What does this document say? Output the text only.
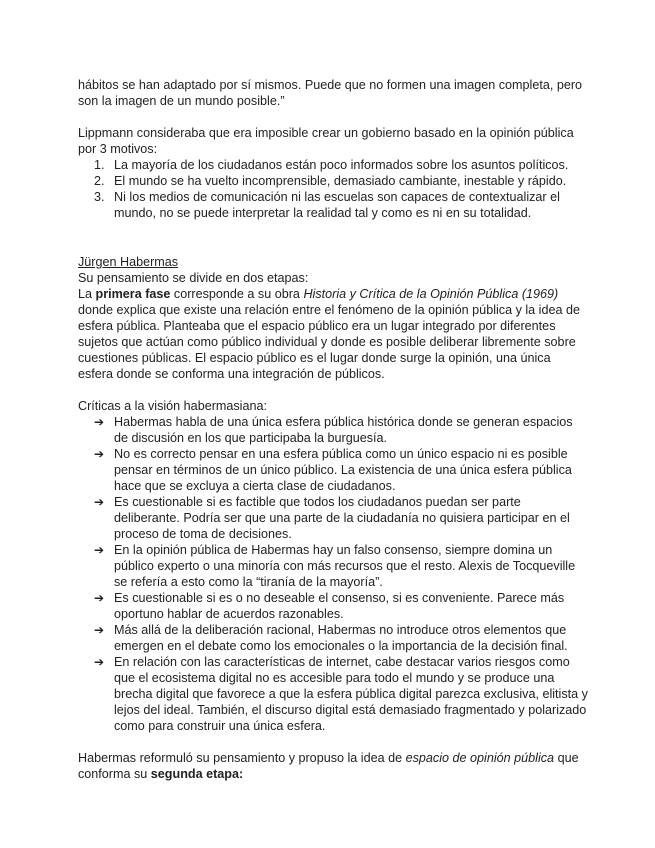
hábitos se han adaptado por sí mismos. Puede que no formen una imagen completa, pero son la imagen de un mundo posible.”

Lippmann consideraba que era imposible crear un gobierno basado en la opinión pública por 3 motivos:

1. La mayoría de los ciudadanos están poco informados sobre los asuntos políticos.
2. El mundo se ha vuelto incomprensible, demasiado cambiante, inestable y rápido.
3. Ni los medios de comunicación ni las escuelas son capaces de contextualizar el mundo, no se puede interpretar la realidad tal y como es ni en su totalidad.

Jürgen Habermas

Su pensamiento se divide en dos etapas:

La primera fase corresponde a su obra Historia y Crítica de la Opinión Pública (1969) donde explica que existe una relación entre el fenómeno de la opinión pública y la idea de esfera pública. Planteaba que el espacio público era un lugar integrado por diferentes sujetos que actúan como público individual y donde es posible deliberar libremente sobre cuestiones públicas. El espacio público es el lugar donde surge la opinión, una única esfera donde se conforma una integración de públicos.

Críticas a la visión habermasiana:

➔ Habermas habla de una única esfera pública histórica donde se generan espacios de discusión en los que participaba la burguesía.
➔ No es correcto pensar en una esfera pública como un único espacio ni es posible pensar en términos de un único público. La existencia de una única esfera pública hace que se excluya a cierta clase de ciudadanos.
➔ Es cuestionable si es factible que todos los ciudadanos puedan ser parte deliberante. Podría ser que una parte de la ciudadanía no quisiera participar en el proceso de toma de decisiones.
➔ En la opinión pública de Habermas hay un falso consenso, siempre domina un público experto o una minoría con más recursos que el resto. Alexis de Tocqueville se refería a esto como la “tiranía de la mayoría”.
➔ Es cuestionable si es o no deseable el consenso, si es conveniente. Parece más oportuno hablar de acuerdos razonables.
➔ Más allá de la deliberación racional, Habermas no introduce otros elementos que emergen en el debate como los emocionales o la importancia de la decisión final.
➔ En relación con las características de internet, cabe destacar varios riesgos como que el ecosistema digital no es accesible para todo el mundo y se produce una brecha digital que favorece a que la esfera pública digital parezca exclusiva, elitista y lejos del ideal. También, el discurso digital está demasiado fragmentado y polarizado como para construir una única esfera.

Habermas reformuló su pensamiento y propuso la idea de espacio de opinión pública que conforma su segunda etapa:
